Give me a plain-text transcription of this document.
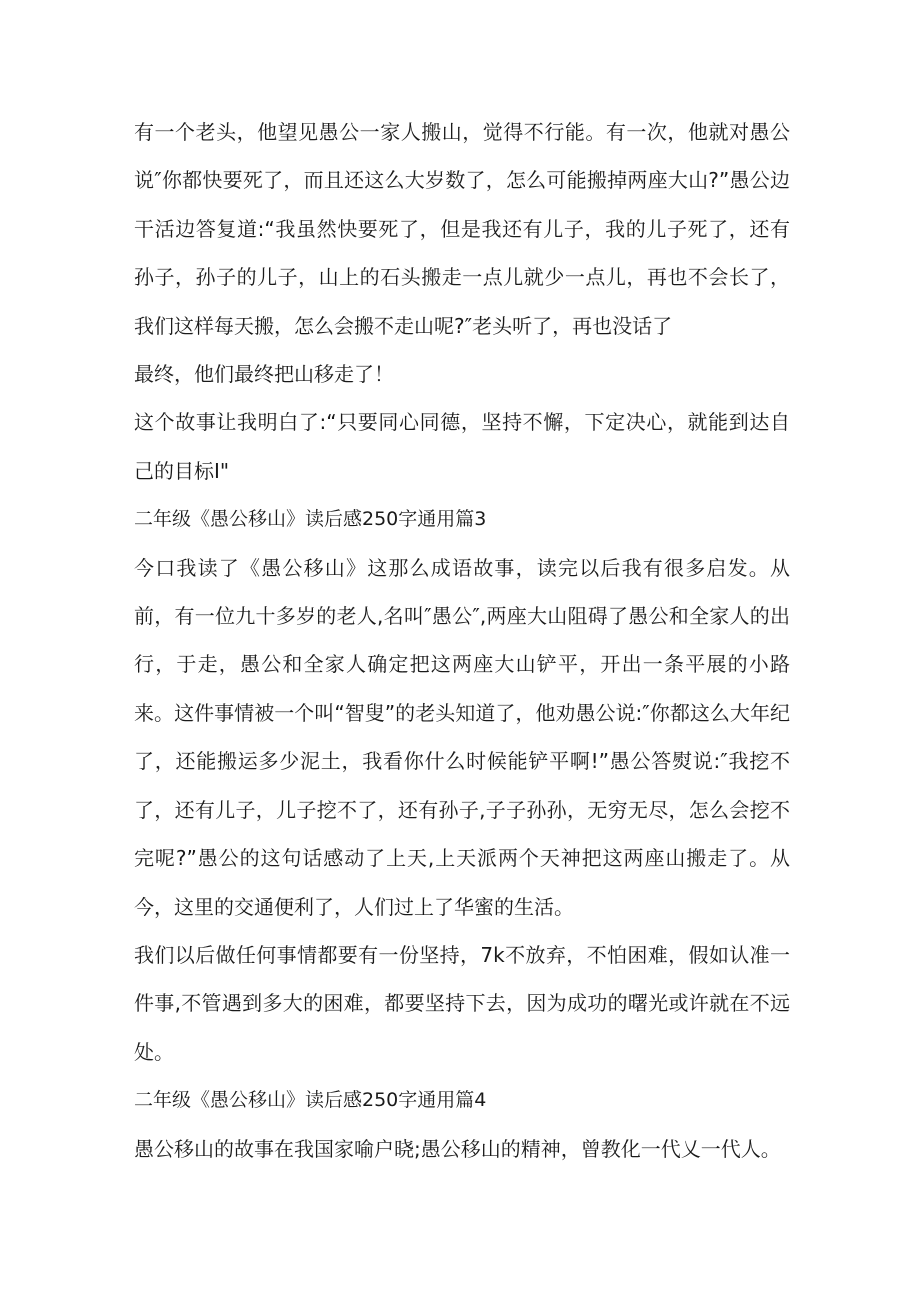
有一个老头，他望见愚公一家人搬山，觉得不行能。有一次，他就对愚公说″你都快要死了，而且还这么大岁数了，怎么可能搬掉两座大山?”愚公边干活边答复道:“我虽然快要死了，但是我还有儿子，我的儿子死了，还有孙子，孙子的儿子，山上的石头搬走一点儿就少一点儿，再也不会长了，我们这样每天搬，怎么会搬不走山呢?″老头听了，再也没话了

最终，他们最终把山移走了！

这个故事让我明白了:“只要同心同德，坚持不懈，下定决心，就能到达自己的目标I"

二年级《愚公移山》读后感250字通用篇3

今口我读了《愚公移山》这那么成语故事，读完以后我有很多启发。从前，有一位九十多岁的老人,名叫″愚公″,两座大山阻碍了愚公和全家人的出行，于走，愚公和全家人确定把这两座大山铲平，开出一条平展的小路来。这件事情被一个叫“智叟”的老头知道了，他劝愚公说:″你都这么大年纪了，还能搬运多少泥土，我看你什么时候能铲平啊!”愚公答熨说:″我挖不了，还有儿子，儿子挖不了，还有孙子,子子孙孙，无穷无尽，怎么会挖不完呢?”愚公的这句话感动了上天,上天派两个天神把这两座山搬走了。从今，这里的交通便利了，人们过上了华蜜的生活。

我们以后做任何事情都要有一份坚持，7k不放弃，不怕困难，假如认准一件事,不管遇到多大的困难，都要坚持下去，因为成功的曙光或许就在不远处。

二年级《愚公移山》读后感250字通用篇4

愚公移山的故事在我国家喻户晓;愚公移山的精神，曾教化一代乂一代人。
